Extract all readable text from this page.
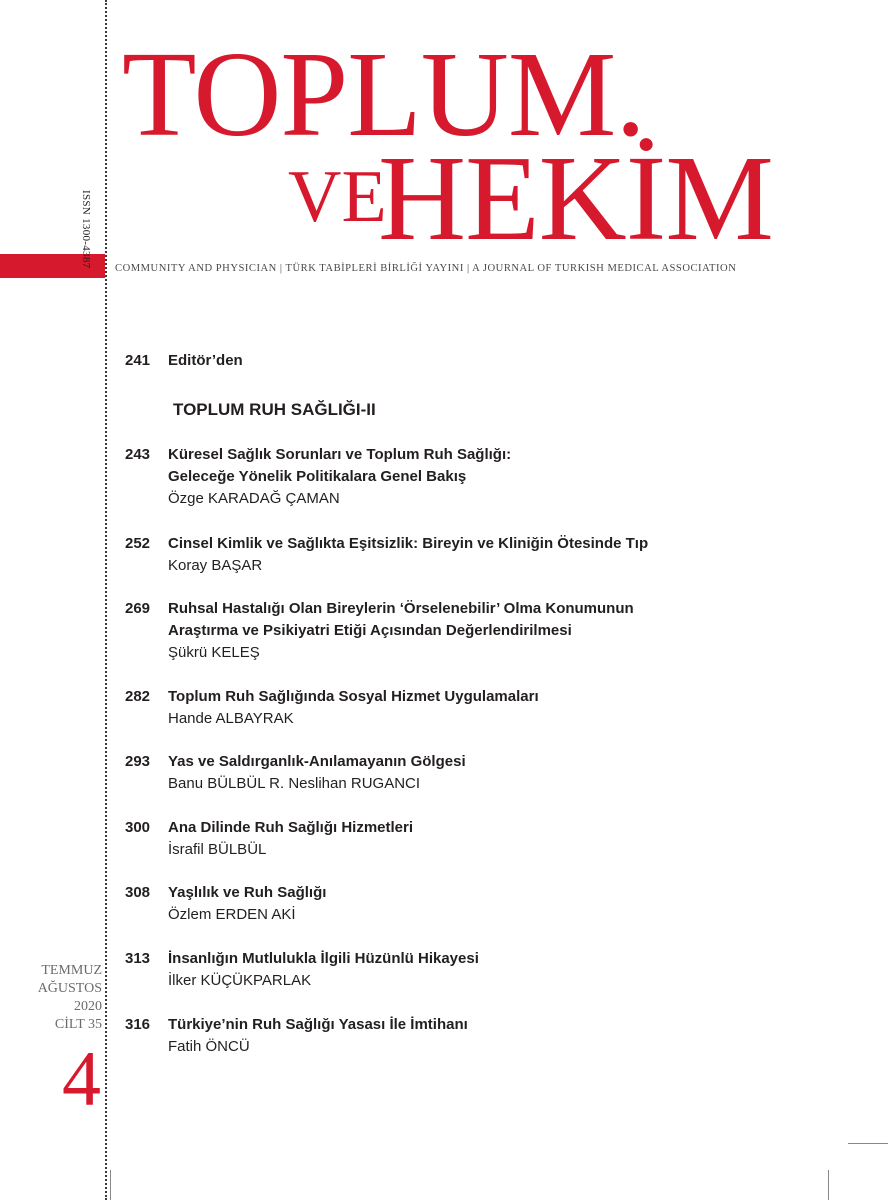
ISSN 1300-4387
TOPLUM.
VE
HEKİM
COMMUNITY AND PHYSICIAN | TÜRK TABİPLERİ BİRLİĞİ YAYINI | A JOURNAL OF TURKISH MEDICAL ASSOCIATION
241	Editör’den
TOPLUM RUH SAĞLIĞI-II
243	Küresel Sağlık Sorunları ve Toplum Ruh Sağlığı:
Geleceğe Yönelik Politikalara Genel Bakış
Özge KARADAĞ ÇAMAN
252	Cinsel Kimlik ve Sağlıkta Eşitsizlik: Bireyin ve Kliniğin Ötesinde Tıp
Koray BAŞAR
269	Ruhsal Hastalığı Olan Bireylerin ‘Örselenebilir’ Olma Konumunun
Araştırma ve Psikiyatri Etiği Açısından Değerlendirilmesi
Şükrü KELEŞ
282	Toplum Ruh Sağlığında Sosyal Hizmet Uygulamaları
Hande ALBAYRAK
293	Yas ve Saldırganlık-Anılamayanın Gölgesi
Banu BÜLBÜL R. Neslihan RUGANCI
300	Ana Dilinde Ruh Sağlığı Hizmetleri
İsrafil BÜLBÜL
308	Yaşlılık ve Ruh Sağlığı
Özlem ERDEN AKİ
313	İnsanlığın Mutlulukla İlgili Hüzünlü Hikayesi
İlker KÜÇÜKPARLAK
316	Türkiye’nin Ruh Sağlığı Yasası İle İmtihanı
Fatih ÖNCÜ
TEMMUZ
AĞUSTOS
2020
CİLT 35
4
